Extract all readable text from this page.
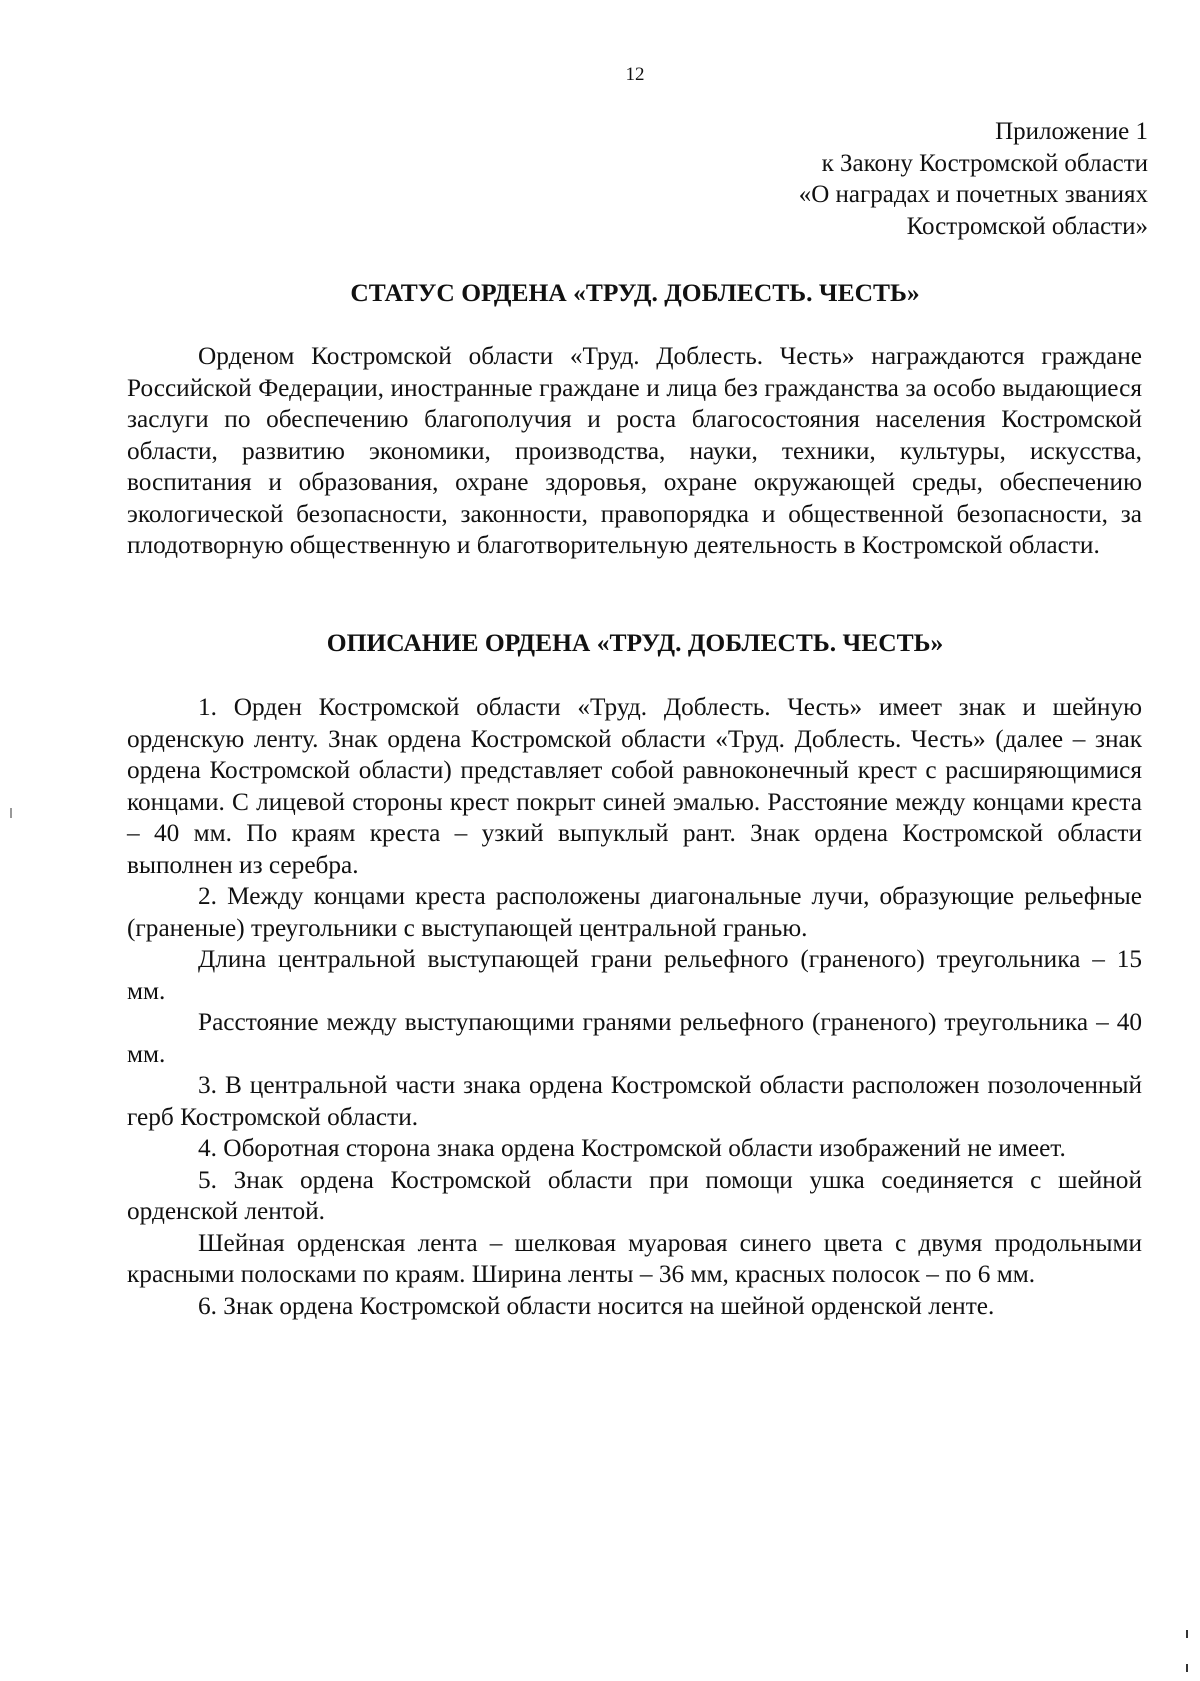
12
Приложение 1
к Закону Костромской области
«О наградах и почетных званиях
Костромской области»
СТАТУС ОРДЕНА «ТРУД. ДОБЛЕСТЬ. ЧЕСТЬ»

Орденом Костромской области «Труд. Доблесть. Честь» награждаются граждане Российской Федерации, иностранные граждане и лица без гражданства за особо выдающиеся заслуги по обеспечению благополучия и роста благосостояния населения Костромской области, развитию экономики, производства, науки, техники, культуры, искусства, воспитания и образования, охране здоровья, охране окружающей среды, обеспечению экологической безопасности, законности, правопорядка и общественной безопасности, за плодотворную общественную и благотворительную деятельность в Костромской области.

ОПИСАНИЕ ОРДЕНА «ТРУД. ДОБЛЕСТЬ. ЧЕСТЬ»

1. Орден Костромской области «Труд. Доблесть. Честь» имеет знак и шейную орденскую ленту. Знак ордена Костромской области «Труд. Доблесть. Честь» (далее – знак ордена Костромской области) представляет собой равноконечный крест с расширяющимися концами. С лицевой стороны крест покрыт синей эмалью. Расстояние между концами креста – 40 мм. По краям креста – узкий выпуклый рант. Знак ордена Костромской области выполнен из серебра.

2. Между концами креста расположены диагональные лучи, образующие рельефные (граненые) треугольники с выступающей центральной гранью.

Длина центральной выступающей грани рельефного (граненого) треугольника – 15 мм.

Расстояние между выступающими гранями рельефного (граненого) треугольника – 40 мм.

3. В центральной части знака ордена Костромской области расположен позолоченный герб Костромской области.

4. Оборотная сторона знака ордена Костромской области изображений не имеет.

5. Знак ордена Костромской области при помощи ушка соединяется с шейной орденской лентой.

Шейная орденская лента – шелковая муаровая синего цвета с двумя продольными красными полосками по краям. Ширина ленты – 36 мм, красных полосок – по 6 мм.

6. Знак ордена Костромской области носится на шейной орденской ленте.
